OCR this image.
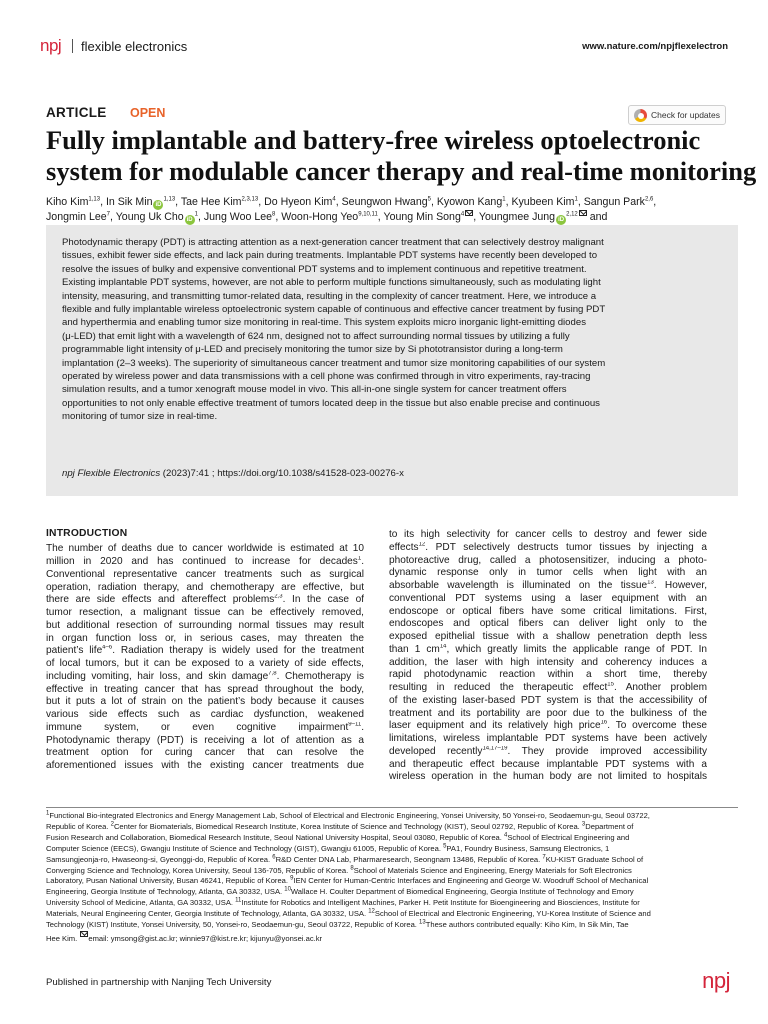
npj flexible electronics	www.nature.com/npjflexelectron
ARTICLE OPEN	Check for updates
Fully implantable and battery-free wireless optoelectronic
system for modulable cancer therapy and real-time monitoring
Kiho Kim$^{1,13}$, In Sik Min iD$^{1,13}$, Tae Hee Kim$^{2,3,13}$, Do Hyeon Kim$^4$, Seungwon Hwang$^5$, Kyowon Kang$^1$, Kyubeen Kim$^1$, Sangun Park$^{2,6}$,
Jongmin Lee$^7$, Young Uk Cho $iD^1$, Jung Woo Lee$^8$, Woon-Hong Yeo$^{9,10,11}$, Young Min Song$^4$ , Youngmee Jung iD$^{2,12}$ and
Photodynamic therapy (PDT) is attracting attention as a next-generation cancer treatment that can selectively destroy malignant
tissues, exhibit fewer side effects, and lack pain during treatments. Implantable PDT systems have recently been developed to
resolve the issues of bulky and expensive conventional PDT systems and to implement continuous and repetitive treatment.
Existing implantable PDT systems, however, are not able to perform multiple functions simultaneously, such as modulating light
intensity, measuring, and transmitting tumor-related data, resulting in the complexity of cancer treatment. Here, we introduce a
flexible and fully implantable wireless optoelectronic system capable of continuous and effective cancer treatment by fusing PDT
and hyperthermia and enabling tumor size monitoring in real-time. This system exploits micro inorganic light-emitting diodes
(μ-LED) that emit light with a wavelength of 624 nm, designed not to affect surrounding normal tissues by utilizing a fully
programmable light intensity of μ-LED and precisely monitoring the tumor size by Si phototransistor during a long-term
implantation (2–3 weeks). The superiority of simultaneous cancer treatment and tumor size monitoring capabilities of our system
operated by wireless power and data transmissions with a cell phone was confirmed through in vitro experiments, ray-tracing
simulation results, and a tumor xenograft mouse model in vivo. This all-in-one single system for cancer treatment offers
opportunities to not only enable effective treatment of tumors located deep in the tissue but also enable precise and continuous
monitoring of tumor size in real-time.
npj Flexible Electronics (2023)7:41 ; https://doi.org/10.1038/s41528-023-00276-x
INTRODUCTION
The number of deaths due to cancer worldwide is estimated at 10
million in 2020 and has continued to increase for decades$^1$.
Conventional representative cancer treatments such as surgical
operation, radiation therapy, and chemotherapy are effective, but
there are side effects and aftereffect problems$^{2,3}$. In the case of
tumor resection, a malignant tissue can be effectively removed,
but additional resection of surrounding normal tissues may result
in organ function loss or, in serious cases, may threaten the
patient’s life$^{4-6}$. Radiation therapy is widely used for the treatment
of local tumors, but it can be exposed to a variety of side effects,
including vomiting, hair loss, and skin damage$^{7,8}$. Chemotherapy is
effective in treating cancer that has spread throughout the body,
but it puts a lot of strain on the patient’s body because it causes
various side effects such as cardiac dysfunction, weakened
immune system, or even cognitive impairment$^{9-11}$.
Photodynamic therapy (PDT) is receiving a lot of attention as a
treatment option for curing cancer that can resolve the
aforementioned issues with the existing cancer treatments due
to its high selectivity for cancer cells to destroy and fewer side
effects$^{12}$. PDT selectively destructs tumor tissues by injecting a
photoreactive drug, called a photosensitizer, inducing a photo-
dynamic response only in tumor cells when light with an
absorbable wavelength is illuminated on the tissue$^{13}$. However,
conventional PDT systems using a laser equipment with an
endoscope or optical fibers have some critical limitations. First,
endoscopes and optical fibers can deliver light only to the
exposed epithelial tissue with a shallow penetration depth less
than 1 $cm^{14}$, which greatly limits the applicable range of PDT. In
addition, the laser with high intensity and coherency induces a
rapid photodynamic reaction within a short time, thereby
resulting in reduced the therapeutic effect$^{15}$. Another problem
of the existing laser-based PDT system is that the accessibility of
treatment and its portability are poor due to the bulkiness of the
laser equipment and its relatively high price$^{16}$. To overcome these
limitations, wireless implantable PDT systems have been actively
developed recently$^{14,17-19}$. They provide improved accessibility
and therapeutic effect because implantable PDT systems with a
wireless operation in the human body are not limited to hospitals
$^1$Functional Bio-integrated Electronics and Energy Management Lab, School of Electrical and Electronic Engineering, Yonsei University, 50 Yonsei-ro, Seodaemun-gu, Seoul 03722,
Republic of Korea. $^2$Center for Biomaterials, Biomedical Research Institute, Korea Institute of Science and Technology (KIST), Seoul 02792, Republic of Korea. $^3$Department of
Fusion Research and Collaboration, Biomedical Research Institute, Seoul National University Hospital, Seoul 03080, Republic of Korea. $^4$School of Electrical Engineering and
Computer Science (EECS), Gwangju Institute of Science and Technology (GIST), Gwangju 61005, Republic of Korea. $^5$PA1, Foundry Business, Samsung Electronics, 1
Samsungjeonja-ro, Hwaseong-si, Gyeonggi-do, Republic of Korea. $^6$R&D Center DNA Lab, Pharmaresearch, Seongnam 13486, Republic of Korea. $^7$KU-KIST Graduate School of
Converging Science and Technology, Korea University, Seoul 136-705, Republic of Korea. $^8$School of Materials Science and Engineering, Energy Materials for Soft Electronics
Laboratory, Pusan National University, Busan 46241, Republic of Korea. $^9$IEN Center for Human-Centric Interfaces and Engineering and George W. Woodruff School of Mechanical
Engineering, Georgia Institute of Technology, Atlanta, GA 30332, USA. $^{10}$Wallace H. Coulter Department of Biomedical Engineering, Georgia Institute of Technology and Emory
University School of Medicine, Atlanta, GA 30332, USA. $^{11}$Institute for Robotics and Intelligent Machines, Parker H. Petit Institute for Bioengineering and Biosciences, Institute for
Materials, Neural Engineering Center, Georgia Institute of Technology, Atlanta, GA 30332, USA. $^{12}$School of Electrical and Electronic Engineering, YU-Korea Institute of Science and
Technology (KIST) Institute, Yonsei University, 50, Yonsei-ro, Seodaemun-gu, Seoul 03722, Republic of Korea. $^{13}$These authors contributed equally: Kiho Kim, In Sik Min, Tae
Hee Kim. email: ymsong@gist.ac.kr; winnie97@kist.re.kr; kijunyu@yonsei.ac.kr
Published in partnership with Nanjing Tech University	npj
